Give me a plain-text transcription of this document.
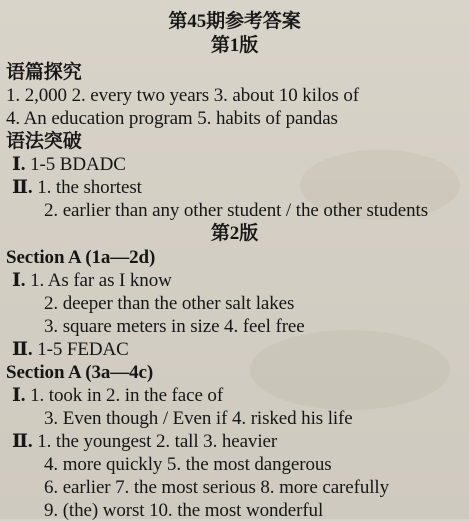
第45期参考答案
第1版
语篇探究
1. 2,000 2. every two years 3. about 10 kilos of
4. An education program 5. habits of pandas
语法突破
Ⅰ. 1-5 BDADC
Ⅱ. 1. the shortest
2. earlier than any other student / the other students
第2版
Section A (1a—2d)
Ⅰ. 1. As far as I know
2. deeper than the other salt lakes
3. square meters in size 4. feel free
Ⅱ. 1-5 FEDAC
Section A (3a—4c)
Ⅰ. 1. took in 2. in the face of
3. Even though / Even if 4. risked his life
Ⅱ. 1. the youngest 2. tall 3. heavier
4. more quickly 5. the most dangerous
6. earlier 7. the most serious 8. more carefully
9. (the) worst 10. the most wonderful
